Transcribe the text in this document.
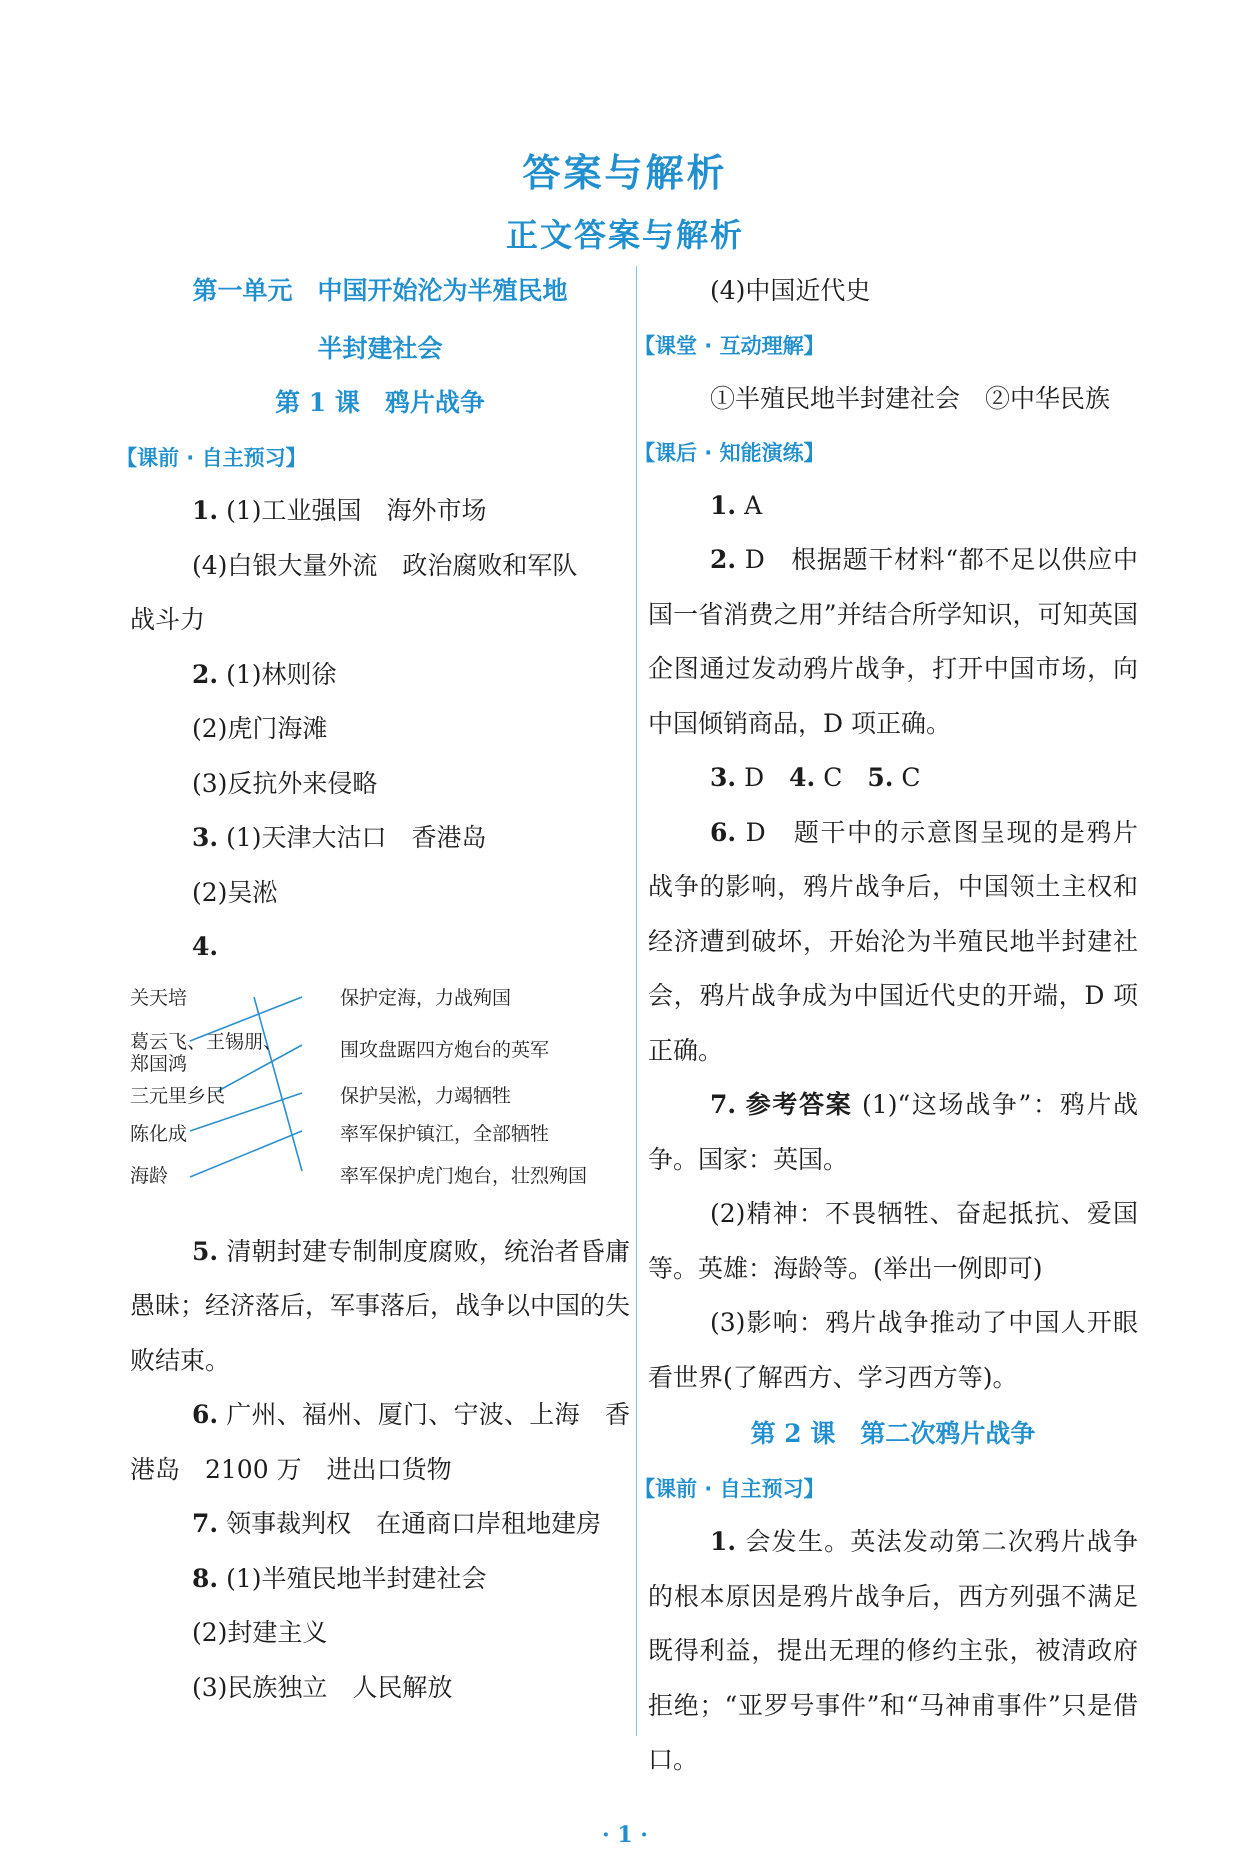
答案与解析
正文答案与解析
第一单元　中国开始沦为半殖民地
半封建社会
第 1 课　鸦片战争
【课前 · 自主预习】
1. (1)工业强国　海外市场
(4)白银大量外流　政治腐败和军队
战斗力
2. (1)林则徐
(2)虎门海滩
(3)反抗外来侵略
3. (1)天津大沽口　香港岛
(2)吴淞
4.
关天培
葛云飞、王锡朋、
郑国鸿
三元里乡民
陈化成
海龄
保护定海，力战殉国
围攻盘踞四方炮台的英军
保护吴淞，力竭牺牲
率军保护镇江，全部牺牲
率军保护虎门炮台，壮烈殉国
5. 清朝封建专制制度腐败，统治者昏庸愚昧；经济落后，军事落后，战争以中国的失败结束。
6. 广州、福州、厦门、宁波、上海　香港岛　2100 万　进出口货物
7. 领事裁判权　在通商口岸租地建房
8. (1)半殖民地半封建社会
(2)封建主义
(3)民族独立　人民解放
(4)中国近代史
【课堂 · 互动理解】
①半殖民地半封建社会　②中华民族
【课后 · 知能演练】
1. A
2. D　根据题干材料“都不足以供应中国一省消费之用”并结合所学知识，可知英国企图通过发动鸦片战争，打开中国市场，向中国倾销商品，D 项正确。
3. D　 4. C　 5. C
6. D　题干中的示意图呈现的是鸦片战争的影响，鸦片战争后，中国领土主权和经济遭到破坏，开始沦为半殖民地半封建社会，鸦片战争成为中国近代史的开端，D 项正确。
7. 参考答案 (1)“这场战争”：鸦片战争。国家：英国。
(2)精神：不畏牺牲、奋起抵抗、爱国等。英雄：海龄等。(举出一例即可)
(3)影响：鸦片战争推动了中国人开眼看世界(了解西方、学习西方等)。
第 2 课　第二次鸦片战争
【课前 · 自主预习】
1. 会发生。英法发动第二次鸦片战争的根本原因是鸦片战争后，西方列强不满足既得利益，提出无理的修约主张，被清政府拒绝；“亚罗号事件”和“马神甫事件”只是借口。
· 1 ·
